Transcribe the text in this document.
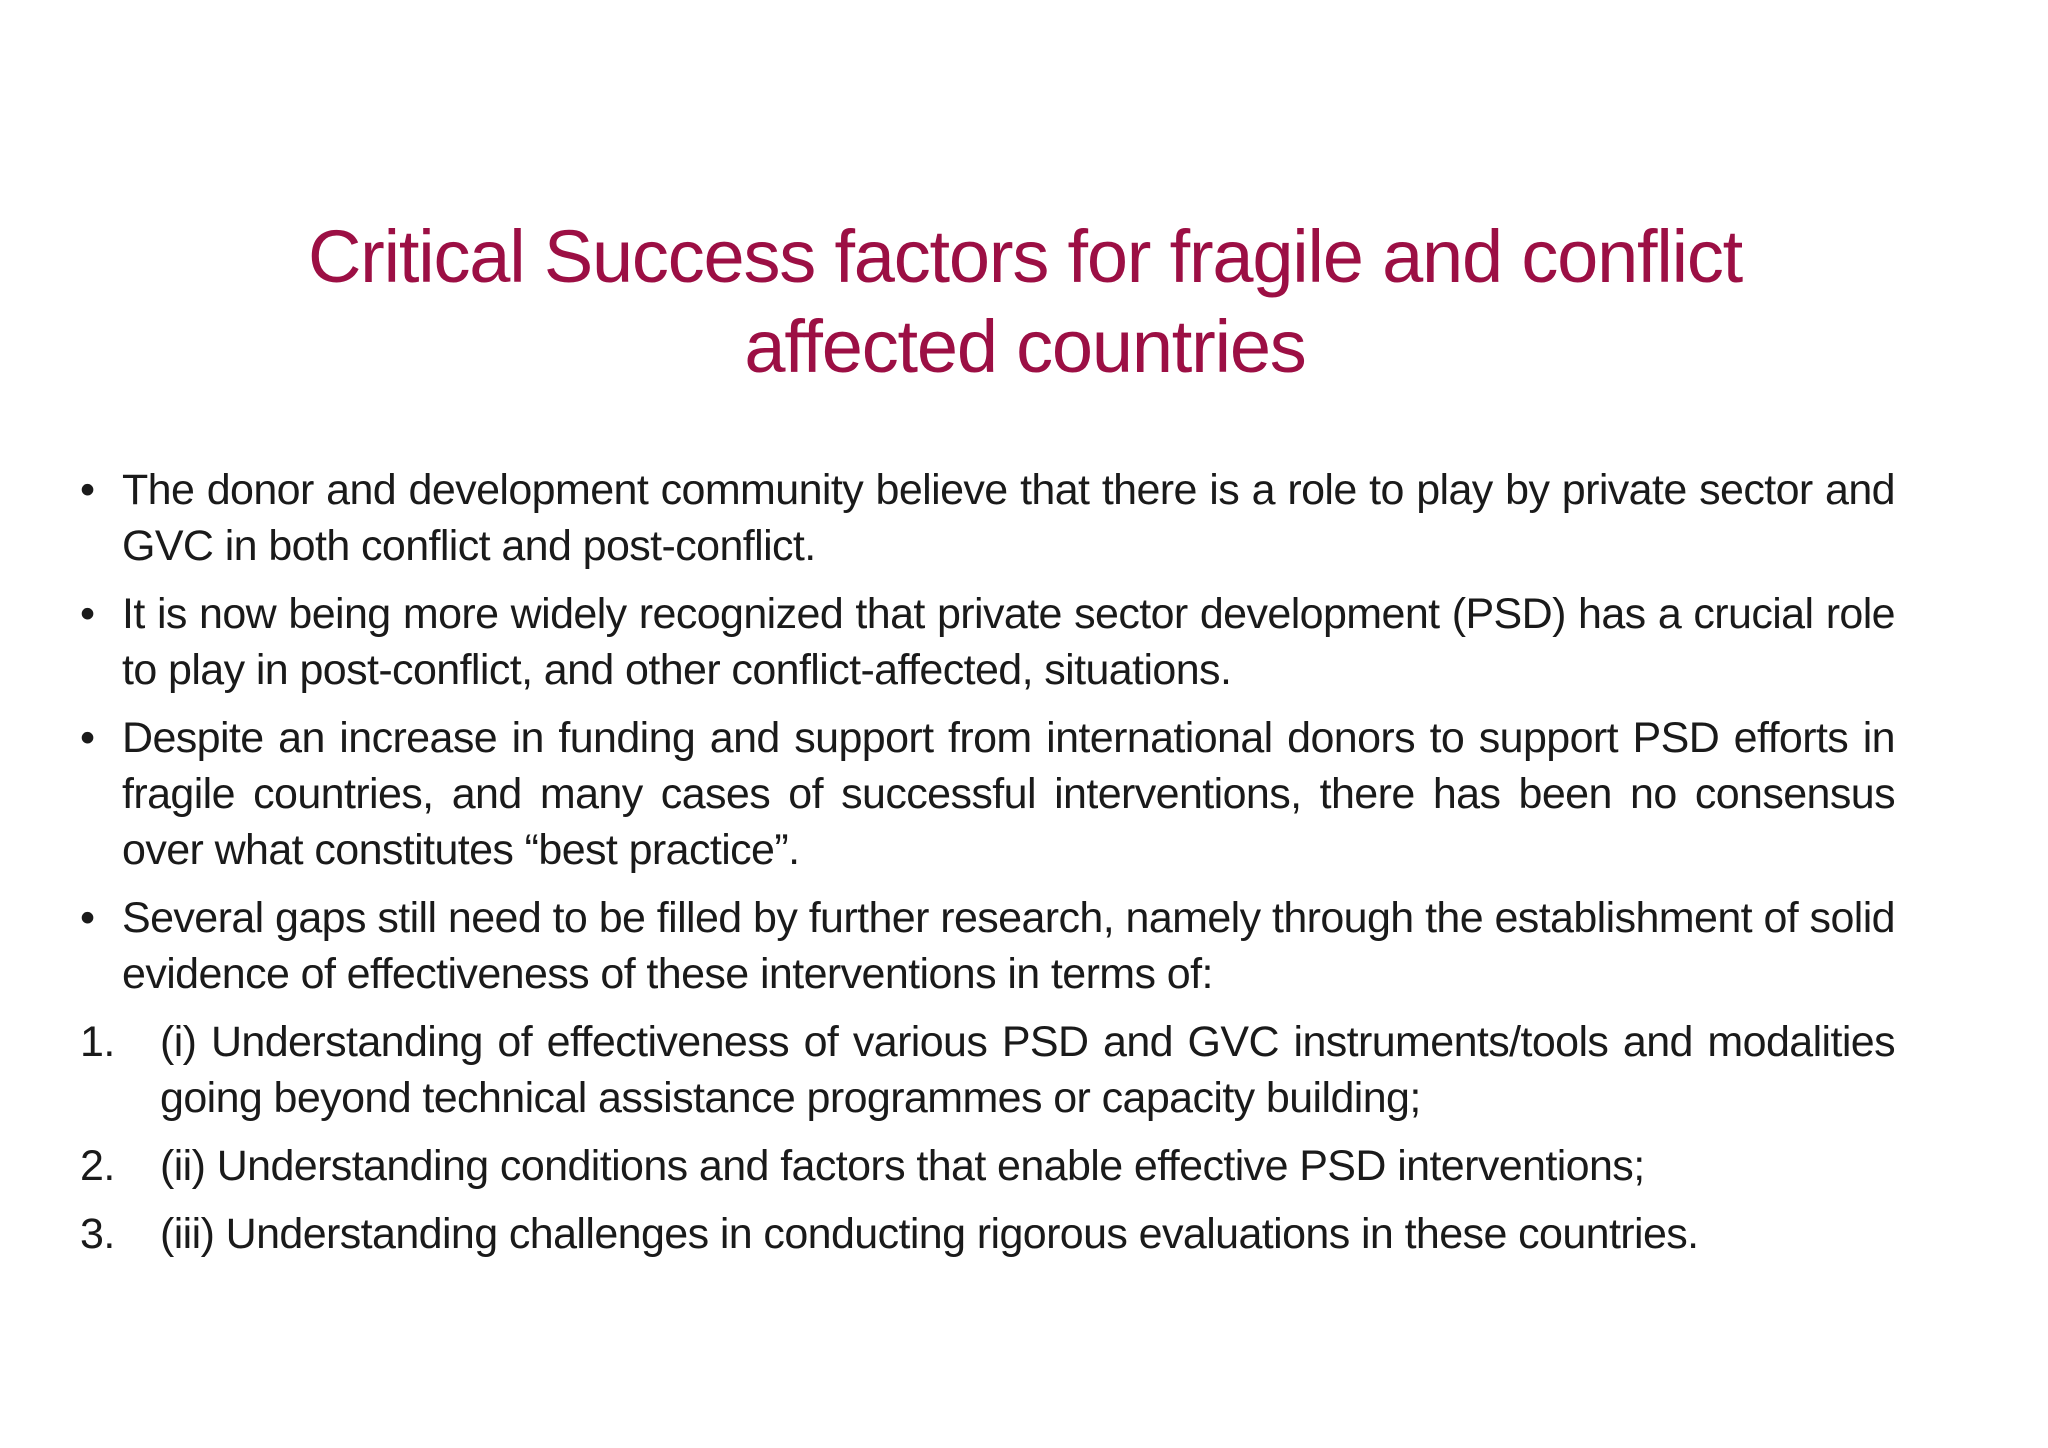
Critical Success factors for fragile and conflict
affected countries
• The donor and development community believe that there is a role to play by private sector and GVC in both conflict and post-conflict.
• It is now being more widely recognized that private sector development (PSD) has a crucial role to play in post-conflict, and other conflict-affected, situations.
• Despite an increase in funding and support from international donors to support PSD efforts in fragile countries, and many cases of successful interventions, there has been no consensus over what constitutes “best practice”.
• Several gaps still need to be filled by further research, namely through the establishment of solid evidence of effectiveness of these interventions in terms of:
1. (i) Understanding of effectiveness of various PSD and GVC instruments/tools and modalities going beyond technical assistance programmes or capacity building;
2. (ii) Understanding conditions and factors that enable effective PSD interventions;
3. (iii) Understanding challenges in conducting rigorous evaluations in these countries.
